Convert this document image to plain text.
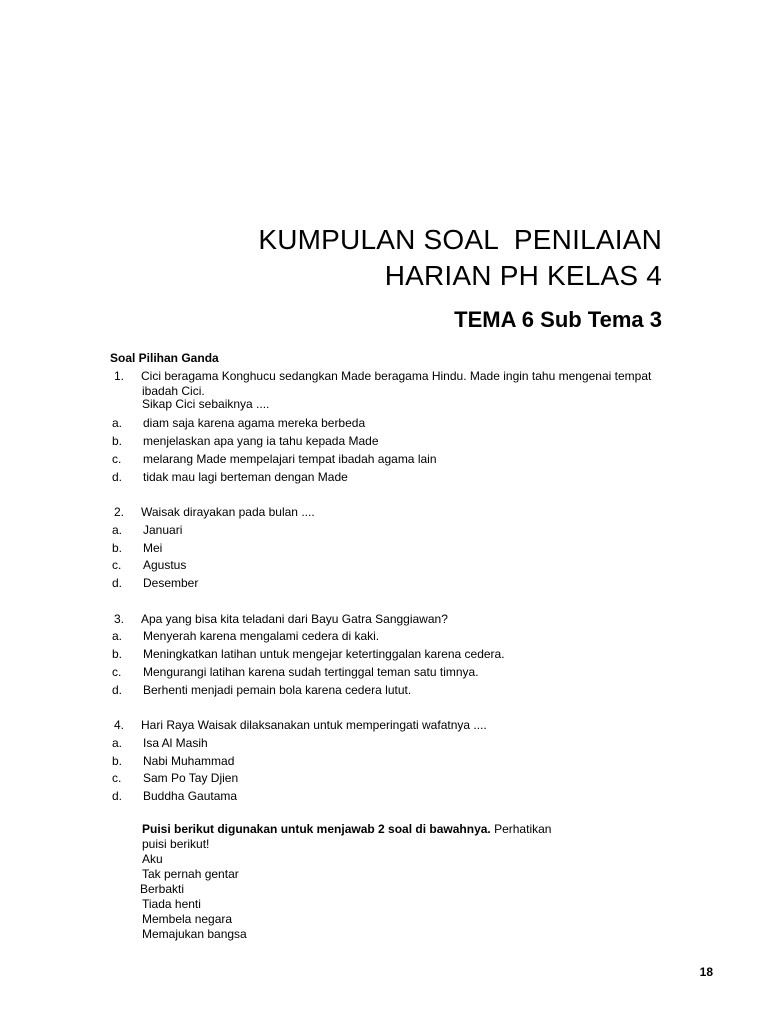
KUMPULAN SOAL  PENILAIAN
HARIAN PH KELAS 4
TEMA 6 Sub Tema 3
Soal Pilihan Ganda
1. Cici beragama Konghucu sedangkan Made beragama Hindu. Made ingin tahu mengenai tempat
ibadah Cici.
Sikap Cici sebaiknya ....
a. diam saja karena agama mereka berbeda
b. menjelaskan apa yang ia tahu kepada Made
c. melarang Made mempelajari tempat ibadah agama lain
d. tidak mau lagi berteman dengan Made
2. Waisak dirayakan pada bulan ....
a. Januari
b. Mei
c. Agustus
d. Desember
3. Apa yang bisa kita teladani dari Bayu Gatra Sanggiawan?
a. Menyerah karena mengalami cedera di kaki.
b. Meningkatkan latihan untuk mengejar ketertinggalan karena cedera.
c. Mengurangi latihan karena sudah tertinggal teman satu timnya.
d. Berhenti menjadi pemain bola karena cedera lutut.
4. Hari Raya Waisak dilaksanakan untuk memperingati wafatnya ....
a. Isa Al Masih
b. Nabi Muhammad
c. Sam Po Tay Djien
d. Buddha Gautama
Puisi berikut digunakan untuk menjawab 2 soal di bawahnya. Perhatikan
puisi berikut!
Aku
Tak pernah gentar
Berbakti
Tiada henti
Membela negara
Memajukan bangsa
18
